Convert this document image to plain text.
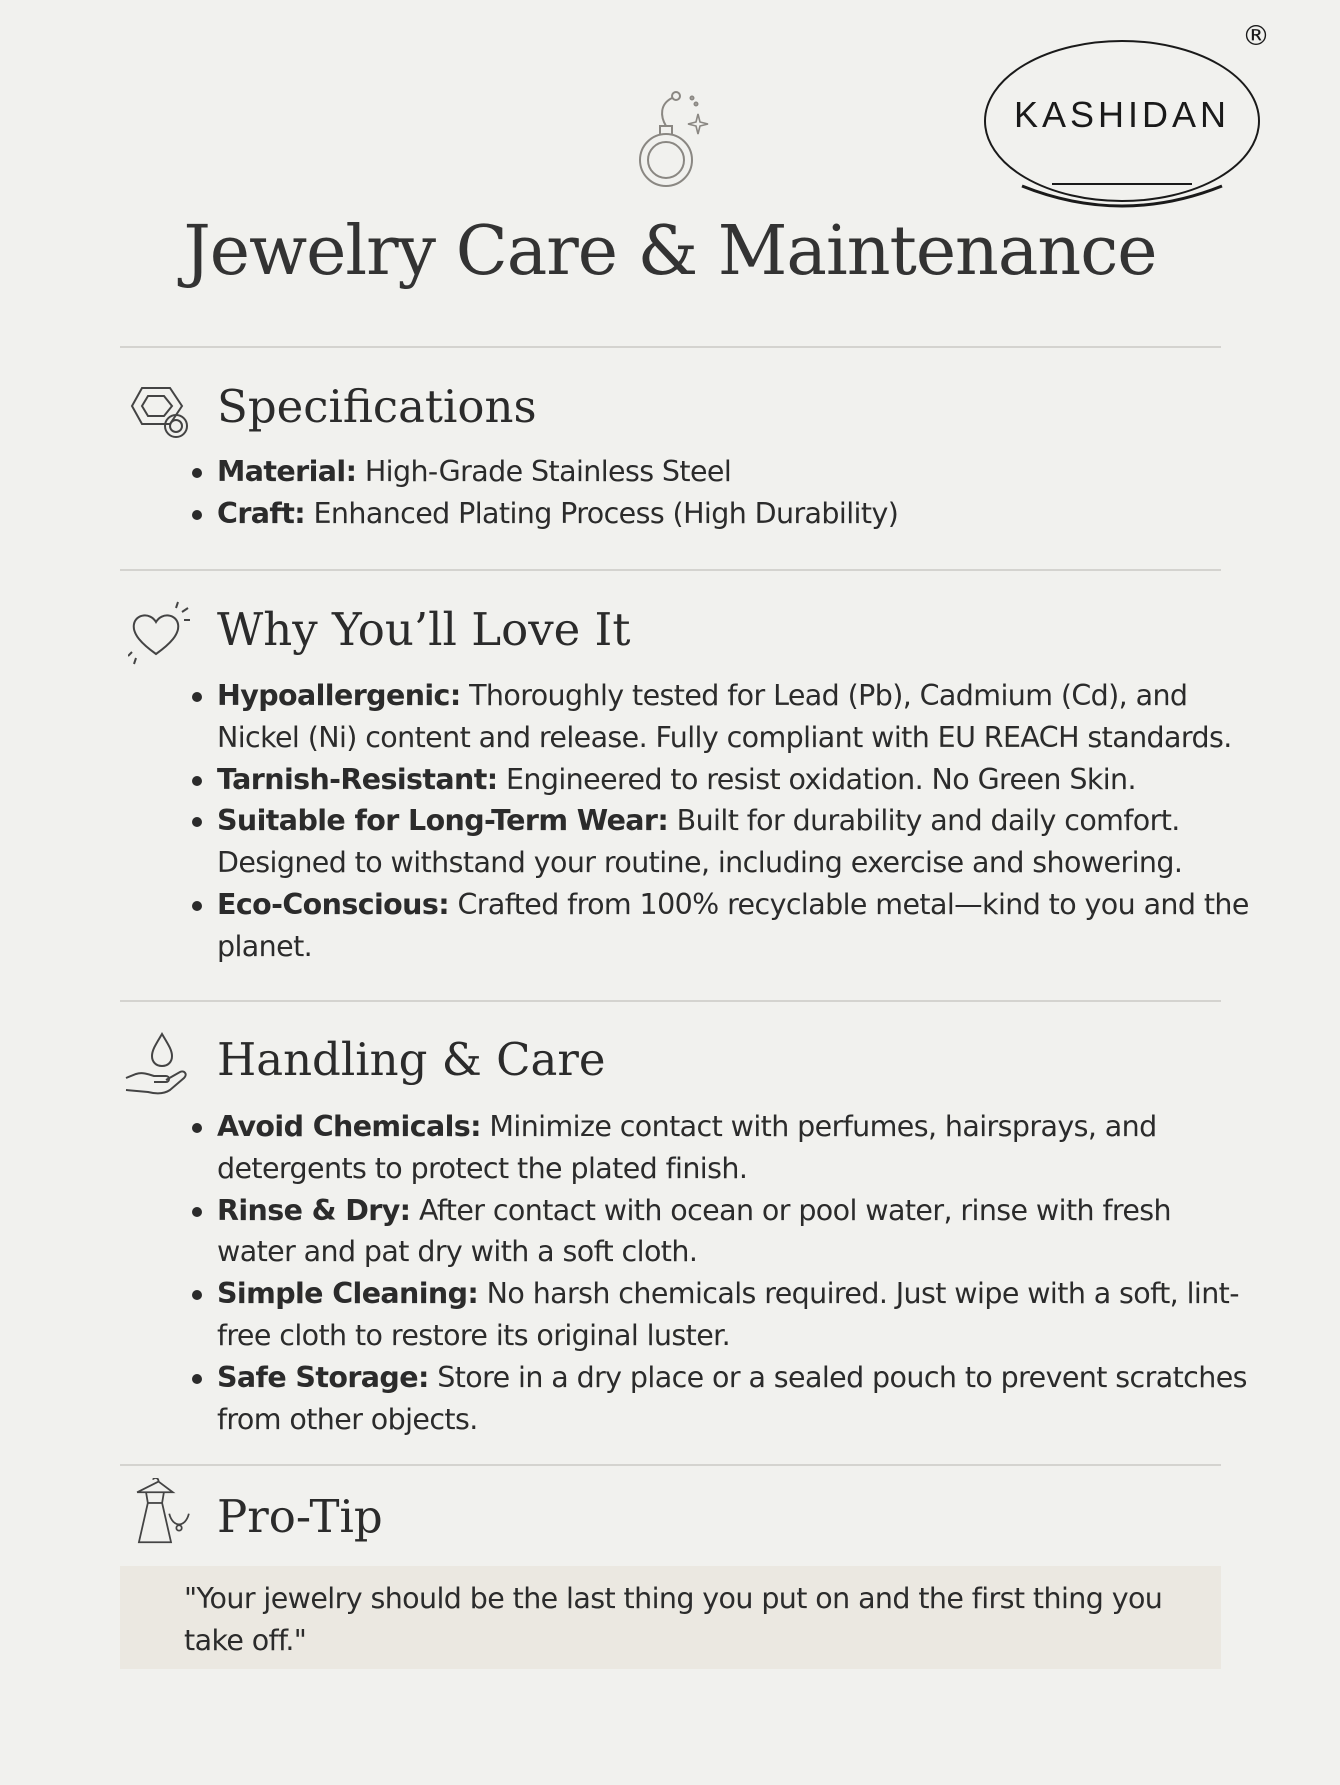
KASHIDAN
®
Jewelry Care & Maintenance
Specifications
Material: High-Grade Stainless Steel
Craft: Enhanced Plating Process (High Durability)
Why You’ll Love It
Hypoallergenic: Thoroughly tested for Lead (Pb), Cadmium (Cd), and Nickel (Ni) content and release. Fully compliant with EU REACH standards.
Tarnish-Resistant: Engineered to resist oxidation. No Green Skin.
Suitable for Long-Term Wear: Built for durability and daily comfort. Designed to withstand your routine, including exercise and showering.
Eco-Conscious: Crafted from 100% recyclable metal—kind to you and the planet.
Handling & Care
Avoid Chemicals: Minimize contact with perfumes, hairsprays, and detergents to protect the plated finish.
Rinse & Dry: After contact with ocean or pool water, rinse with fresh water and pat dry with a soft cloth.
Simple Cleaning: No harsh chemicals required. Just wipe with a soft, lint-free cloth to restore its original luster.
Safe Storage: Store in a dry place or a sealed pouch to prevent scratches from other objects.
Pro-Tip
"Your jewelry should be the last thing you put on and the first thing you take off."
